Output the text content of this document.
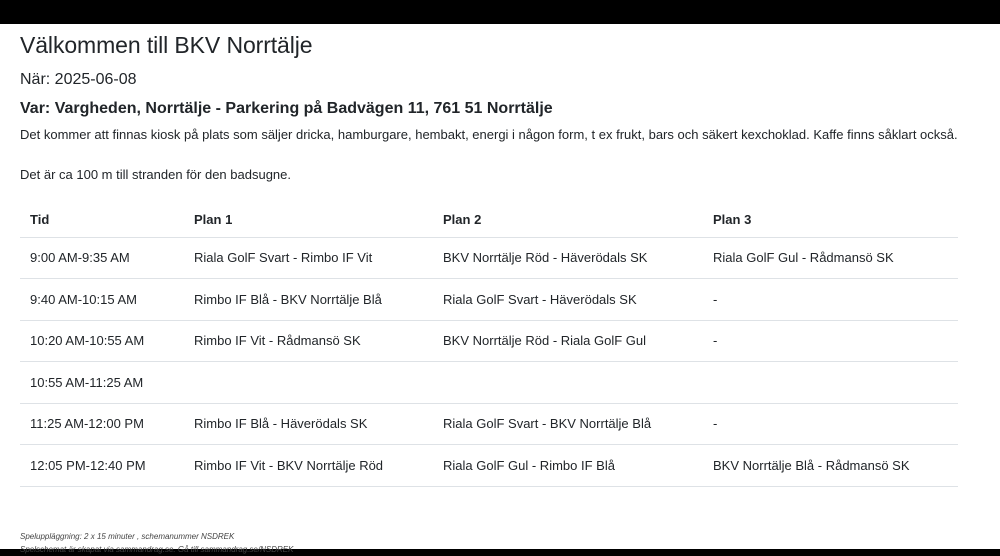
Välkommen till BKV Norrtälje
När: 2025-06-08
Var: Vargheden, Norrtälje - Parkering på Badvägen 11, 761 51 Norrtälje

Det kommer att finnas kiosk på plats som säljer dricka, hamburgare, hembakt, energi i någon form, t ex frukt, bars och säkert kexchoklad. Kaffe finns såklart också.

Det är ca 100 m till stranden för den badsugne.

Tid	Plan 1	Plan 2	Plan 3
9:00 AM-9:35 AM	Riala GolF Svart - Rimbo IF Vit	BKV Norrtälje Röd - Häverödals SK	Riala GolF Gul - Rådmansö SK
9:40 AM-10:15 AM	Rimbo IF Blå - BKV Norrtälje Blå	Riala GolF Svart - Häverödals SK	-
10:20 AM-10:55 AM	Rimbo IF Vit - Rådmansö SK	BKV Norrtälje Röd - Riala GolF Gul	-
10:55 AM-11:25 AM			
11:25 AM-12:00 PM	Rimbo IF Blå - Häverödals SK	Riala GolF Svart - BKV Norrtälje Blå	-
12:05 PM-12:40 PM	Rimbo IF Vit - BKV Norrtälje Röd	Riala GolF Gul - Rimbo IF Blå	BKV Norrtälje Blå - Rådmansö SK
Speluppläggning: 2 x 15 minuter , schemanummer NSDREK
Spelschemat är skapat via sammandrag.se. Gå till sammandrag.se/NSDREK
